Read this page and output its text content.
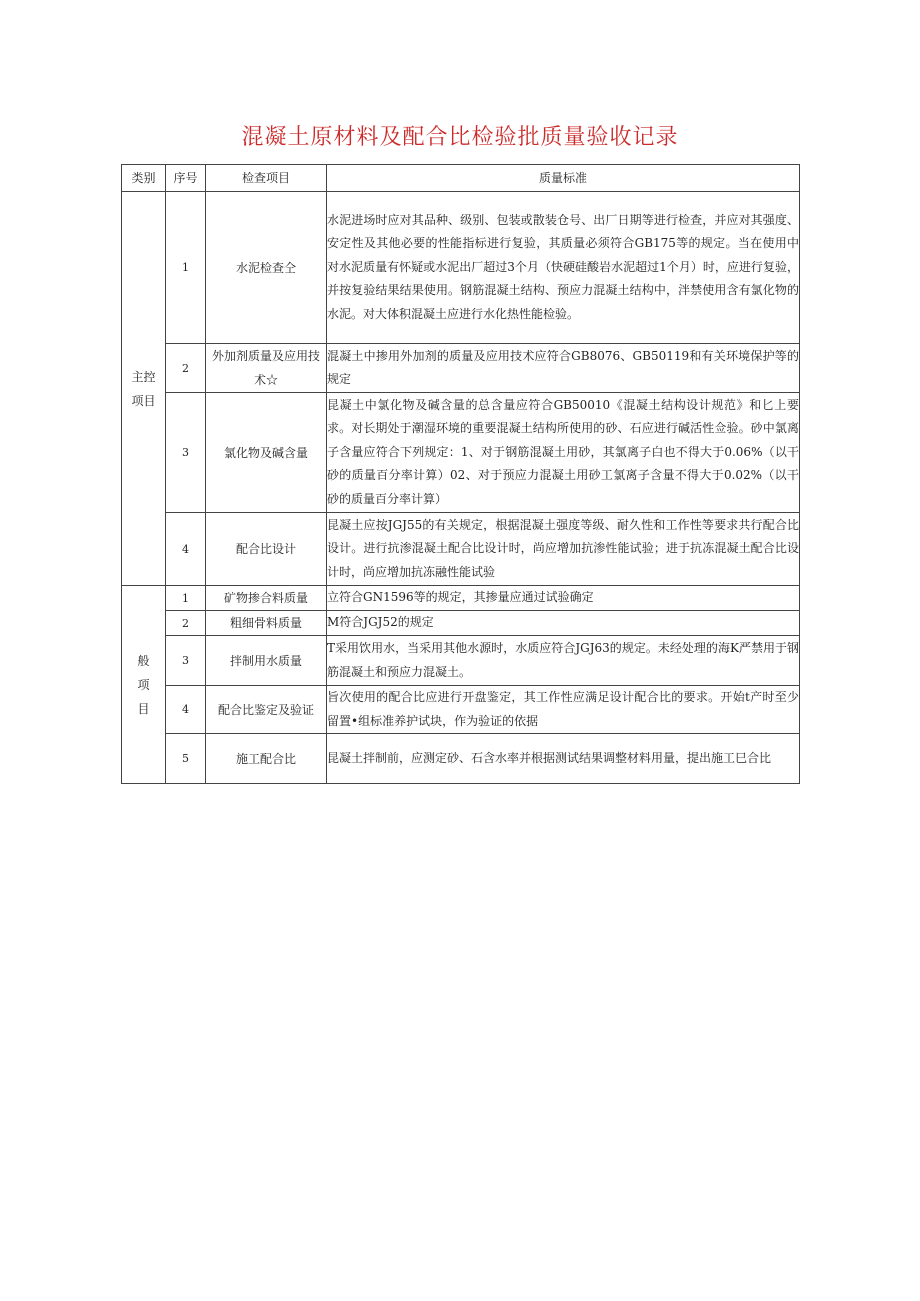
混凝土原材料及配合比检验批质量验收记录
类别	序号	检查项目	质量标准
主控项目	1	水泥检查仝	水泥进场时应对其品种、级别、包装或散装仓号、出厂日期等进行检查，并应对其强度、安定性及其他必要的性能指标进行复验，其质量必须符合GB175等的规定。当在使用中对水泥质量有怀疑或水泥出厂超过3个月（快硬硅酸岩水泥超过1个月）时，应进行复验，并按复验结果结果使用。钢筋混凝土结构、预应力混凝土结构中，泮禁使用含有氯化物的水泥。对大体积混凝土应进行水化热性能检验。
	2	外加剂质量及应用技术☆	混凝土中掺用外加剂的质量及应用技术应符合GB8076、GB50119和有关环境保护等的规定
	3	氯化物及碱含量	昆凝土中氯化物及碱含量的总含量应符合GB50010《混凝土结构设计规范》和匕上要求。对长期处于潮湿环境的重要混凝土结构所使用的砂、石应进行碱活性佥验。砂中氯离子含量应符合下列规定：1、对于钢筋混凝土用砂，其氯离子白也不得大于0.06%（以干砂的质量百分率计算）02、对于预应力混凝土用砂工氯离子含量不得大于0.02%（以干砂的质量百分率计算）
	4	配合比设计	昆凝土应按JGJ55的有关规定，根据混凝土强度等级、耐久性和工作性等要求共行配合比设计。进行抗渗混凝土配合比设计时，尚应增加抗渗性能试验；进于抗冻混凝土配合比设计时，尚应增加抗冻融性能试验
般项目	1	矿物掺合料质量	立符合GN1596等的规定，其掺量应通过试验确定
	2	粗细骨料质量	M符合JGJ52的规定
	3	拌制用水质量	T采用饮用水，当采用其他水源时，水质应符合JGJ63的规定。未经处理的海K严禁用于钢筋混凝土和预应力混凝土。
	4	配合比鉴定及验证	旨次使用的配合比应进行开盘鉴定，其工作性应满足设计配合比的要求。开始t产时至少留置•组标准养护试块，作为验证的依据
	5	施工配合比	昆凝土拌制前，应测定砂、石含水率并根据测试结果调整材料用量，提出施工巳合比
